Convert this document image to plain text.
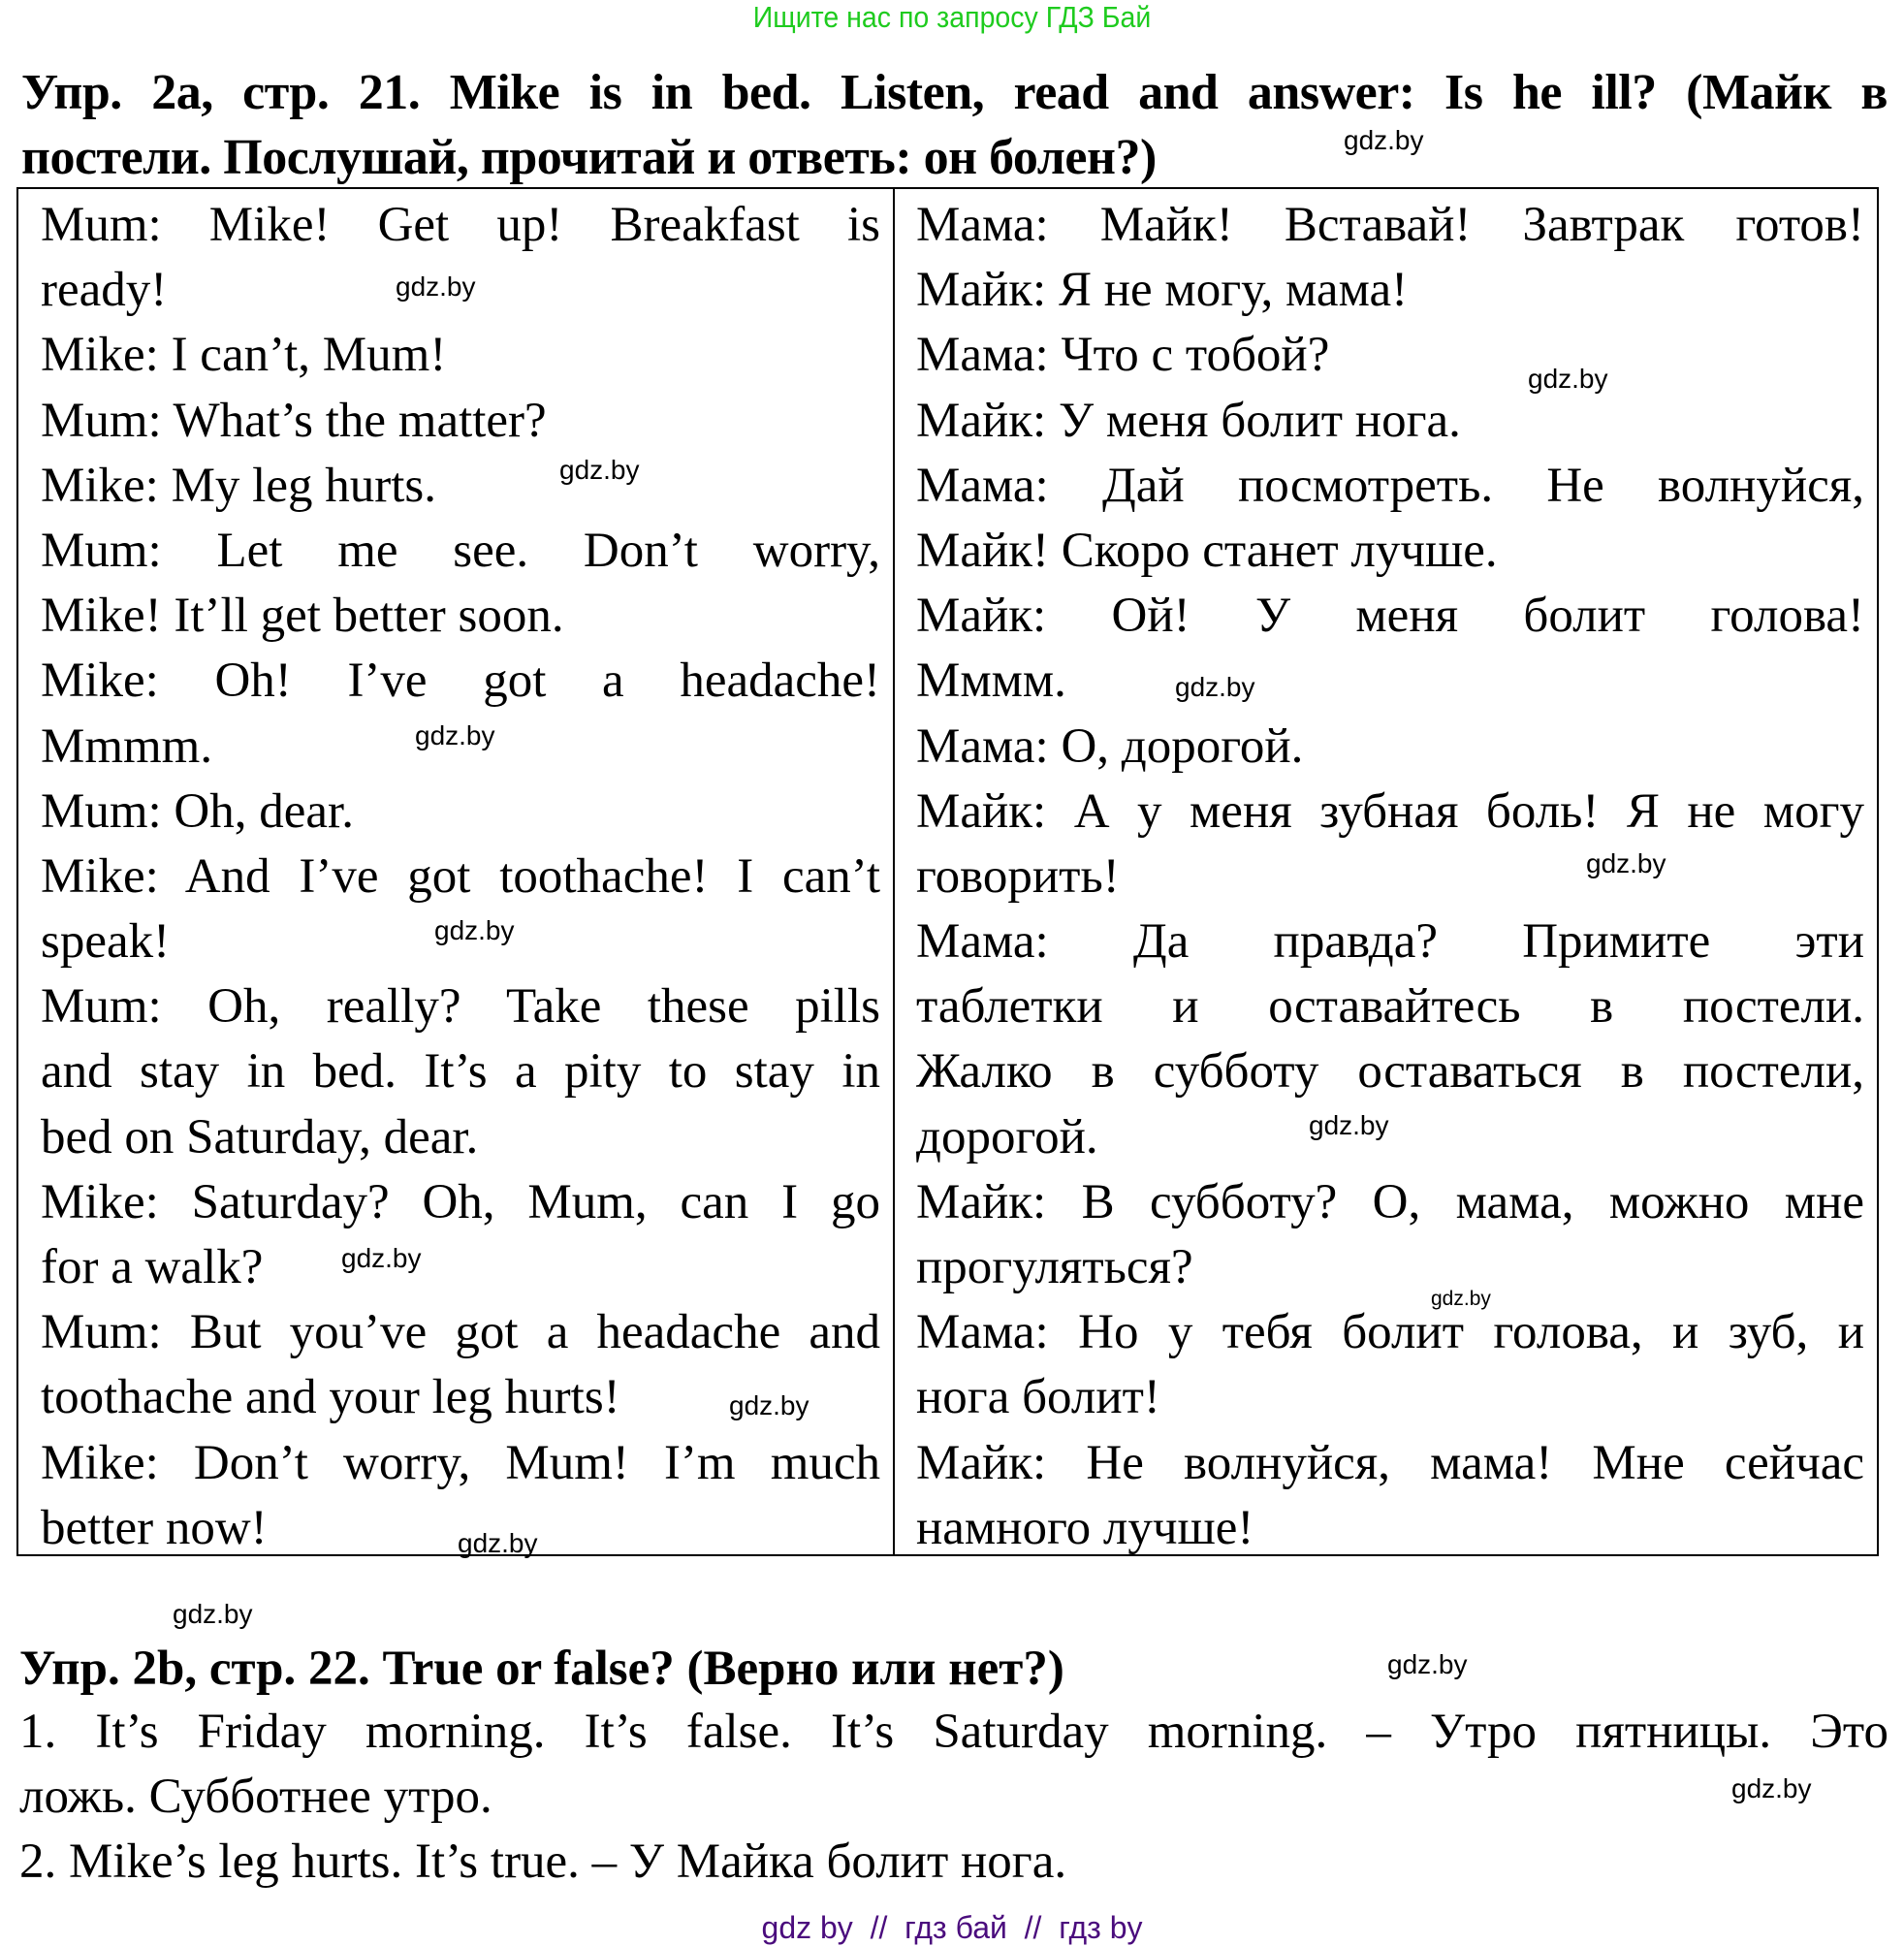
Ищите нас по запросу ГДЗ Бай
Упр. 2а, стр. 21. Mike is in bed. Listen, read and answer: Is he ill? (Майк в
постели. Послушай, прочитай и ответь: он болен?)	gdz.by
Mum: Mike! Get up! Breakfast is
ready!
Mike: I can’t, Mum!
Mum: What’s the matter?
Mike: My leg hurts.
Mum: Let me see. Don’t worry,
Mike! It’ll get better soon.
Mike: Oh! I’ve got a headache!
Mmmm.
Mum: Oh, dear.
Mike: And I’ve got toothache! I can’t
speak!
Mum: Oh, really? Take these pills
and stay in bed. It’s a pity to stay in
bed on Saturday, dear.
Mike: Saturday? Oh, Mum, can I go
for a walk?
Mum: But you’ve got a headache and
toothache and your leg hurts!
Mike: Don’t worry, Mum! I’m much
better now!
Мама: Майк! Вставай! Завтрак готов!
Майк: Я не могу, мама!
Мама: Что с тобой?
Майк: У меня болит нога.
Мама: Дай посмотреть. Не волнуйся,
Майк! Скоро станет лучше.
Майк: Ой! У меня болит голова!
Мммм.
Мама: О, дорогой.
Майк: А у меня зубная боль! Я не могу
говорить!
Мама: Да правда? Примите эти
таблетки и оставайтесь в постели.
Жалко в субботу оставаться в постели,
дорогой.
Майк: В субботу? О, мама, можно мне
прогуляться?
Мама: Но у тебя болит голова, и зуб, и
нога болит!
Майк: Не волнуйся, мама! Мне сейчас
намного лучше!
gdz.by
gdz.by
gdz.by
gdz.by
gdz.by
gdz.by
gdz.by
gdz.by
gdz.by
gdz.by
gdz.by
gdz.by
gdz.by
gdz.by
gdz.by
Упр. 2b, стр. 22. True or false? (Верно или нет?)
1. It’s Friday morning. It’s false. It’s Saturday morning. – Утро пятницы. Это
ложь. Субботнее утро.
2. Mike’s leg hurts. It’s true. – У Майка болит нога.
gdz by  //  гдз бай  //  гдз by
